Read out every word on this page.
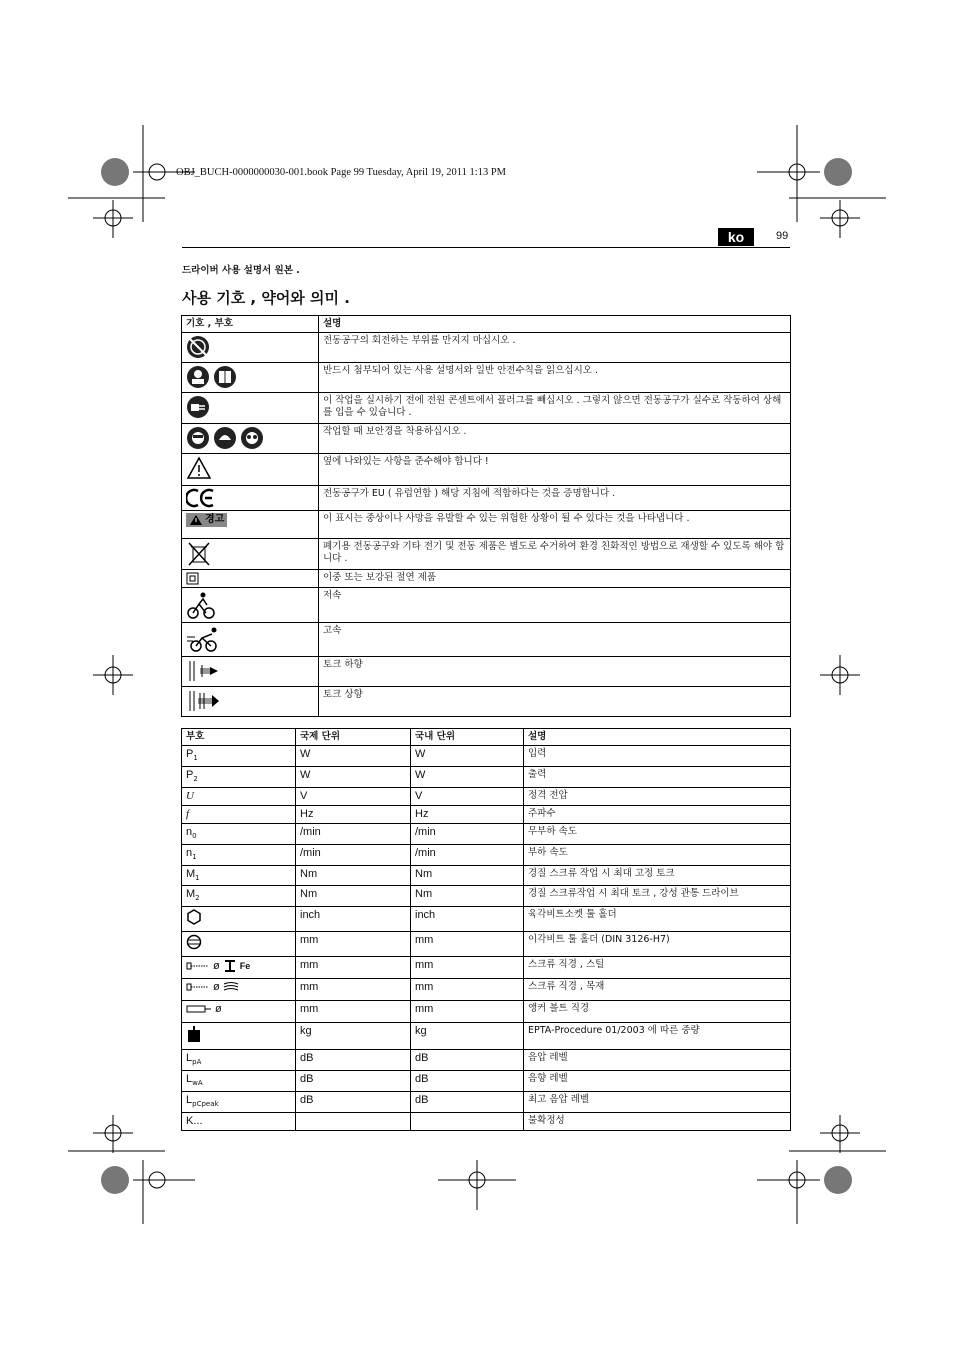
OBJ_BUCH-0000000030-001.book Page 99 Tuesday, April 19, 2011 1:13 PM
ko	99
드라이버 사용 설명서 원본 .
사용 기호 , 약어와 의미 .
기호 , 부호	설명

	전동공구의 회전하는 부위를 만지지 마십시오 .

	반드시 첨부되어 있는 사용 설명서와 일반 안전수칙을 읽으십시오 .

	이 작업을 실시하기 전에 전원 콘센트에서 플러그를 빼십시오 . 그렇지 않으면 전동공구가 실수로 작동하여 상해를 입을 수 있습니다 .

	작업할 때 보안경을 착용하십시오 .

	옆에 나와있는 사항을 준수해야 합니다 !

	전동공구가 EU ( 유럽연합 ) 해당 지침에 적합하다는 것을 증명합니다 .

경고	이 표시는 중상이나 사망을 유발할 수 있는 위험한 상황이 될 수 있다는 것을 나타냅니다 .

	폐기용 전동공구와 기타 전기 및 전동 제품은 별도로 수거하여 환경 친화적인 방법으로 재생할 수 있도록 해야 합니다 .

	이중 또는 보강된 절연 제품

	저속

	고속

	토크 하향

	토크 상향
부호	국제 단위	국내 단위	설명
$P_1$	W	W	입력
$P_2$	W	W	출력
U	V	V	정격 전압
f	Hz	Hz	주파수
$n_0$	/min	/min	무부하 속도
$n_1$	/min	/min	부하 속도
$M_1$	Nm	Nm	경질 스크류 작업 시 최대 고정 토크
$M_2$	Nm	Nm	경질 스크류작업 시 최대 토크 , 강성 관통 드라이브

	inch	inch	육각비트소켓 툴 홀더

	mm	mm	이각비트 툴 홀더 (DIN 3126-H7)

ø Fe	mm	mm	스크류 직경 , 스틸

ø	mm	mm	스크류 직경 , 목재

ø	mm	mm	앵커 볼트 직경

	kg	kg	EPTA-Procedure 01/2003 에 따른 중량
$L_{pA}$	dB	dB	음압 레벨
$L_{wA}$	dB	dB	음향 레벨
$L_{pCpeak}$	dB	dB	최고 음압 레벨
K...			불확정성
